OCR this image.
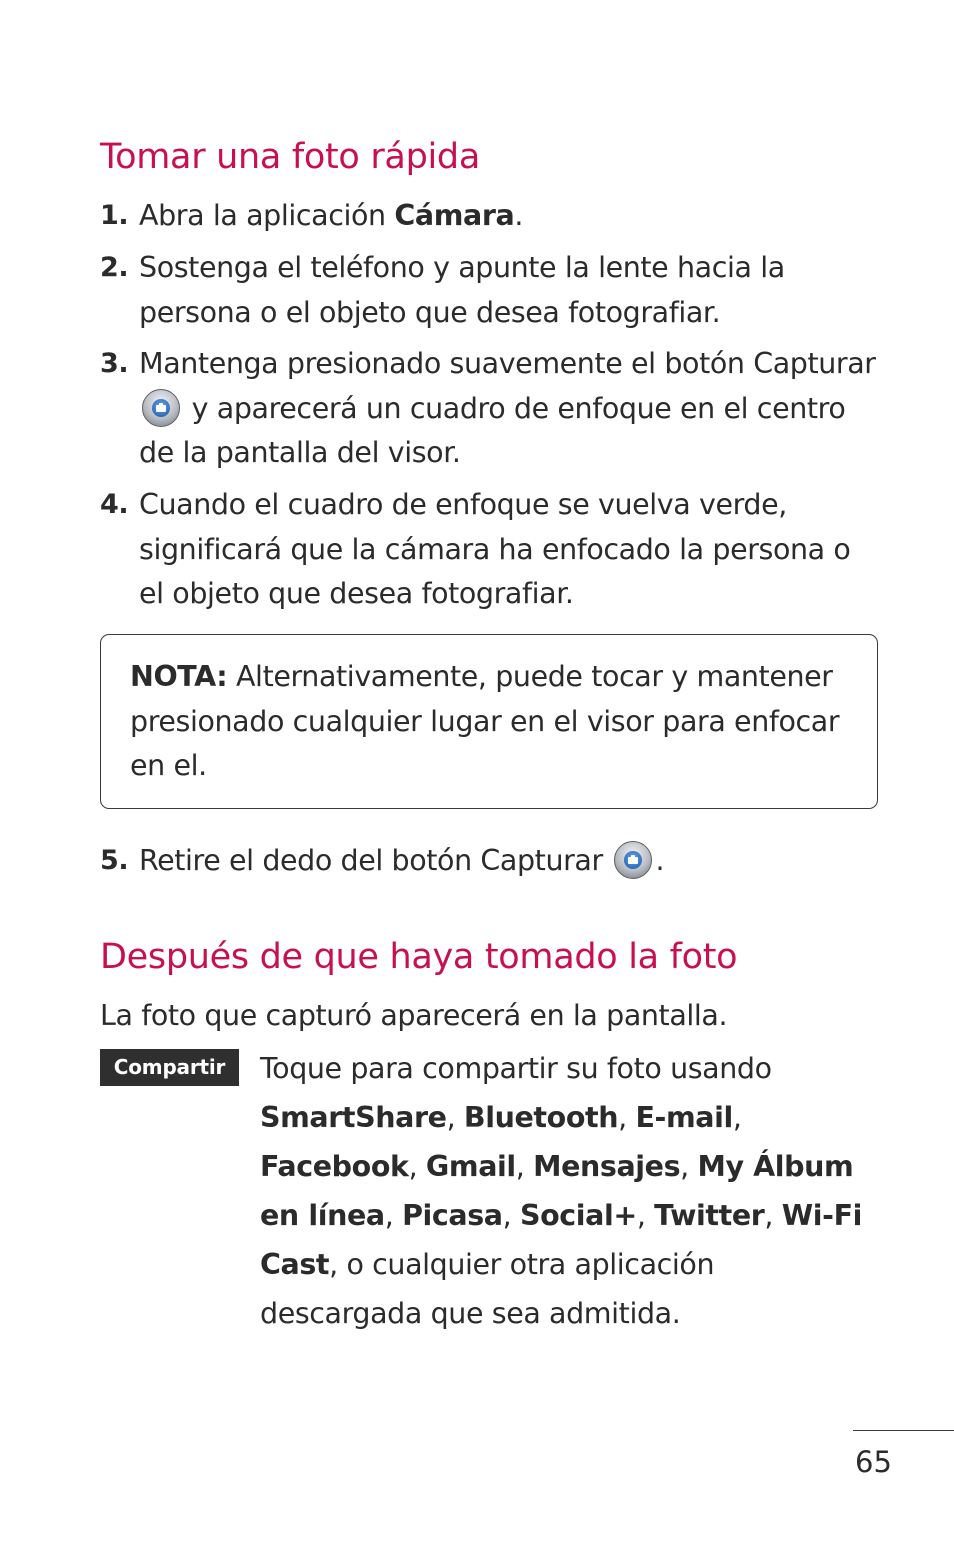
Tomar una foto rápida
1. Abra la aplicación Cámara.
2. Sostenga el teléfono y apunte la lente hacia la persona o el objeto que desea fotografiar.
3. Mantenga presionado suavemente el botón Capturar
y aparecerá un cuadro de enfoque en el centro de la pantalla del visor.
4. Cuando el cuadro de enfoque se vuelva verde, significará que la cámara ha enfocado la persona o el objeto que desea fotografiar.
NOTA: Alternativamente, puede tocar y mantener presionado cualquier lugar en el visor para enfocar en el.
5. Retire el dedo del botón Capturar
.
Después de que haya tomado la foto
La foto que capturó aparecerá en la pantalla.
Compartir	Toque para compartir su foto usando SmartShare, Bluetooth, E-mail, Facebook, Gmail, Mensajes, My Álbum en línea, Picasa, Social+, Twitter, Wi-Fi Cast, o cualquier otra aplicación descargada que sea admitida.
65
